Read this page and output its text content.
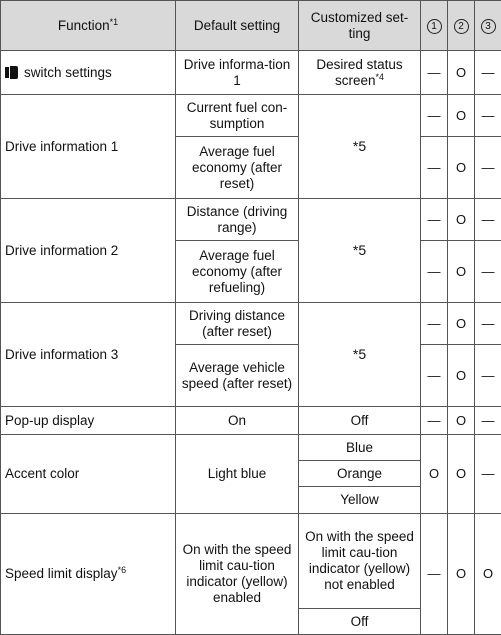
Function$^{*1}$	Default setting	Customized set-ting	1	2	3

switch settings	Drive informa-tion 1	Desired status screen$^{*4}$	—	O	—
Drive information 1	Current fuel con-sumption	*5	—	O	—
	Average fuel economy (after reset)		—	O	—
Drive information 2	Distance (driving range)	*5	—	O	—
	Average fuel economy (after refueling)		—	O	—
Drive information 3	Driving distance (after reset)	*5	—	O	—
	Average vehicle speed (after reset)		—	O	—
Pop-up display	On	Off	—	O	—
Accent color	Light blue	Blue	O	O	—
		Orange			
		Yellow			
Speed limit display$^{*6}$	On with the speed limit cau-tion indicator (yellow) enabled	On with the speed limit cau-tion indicator (yellow) not enabled	—	O	O
		Off			
